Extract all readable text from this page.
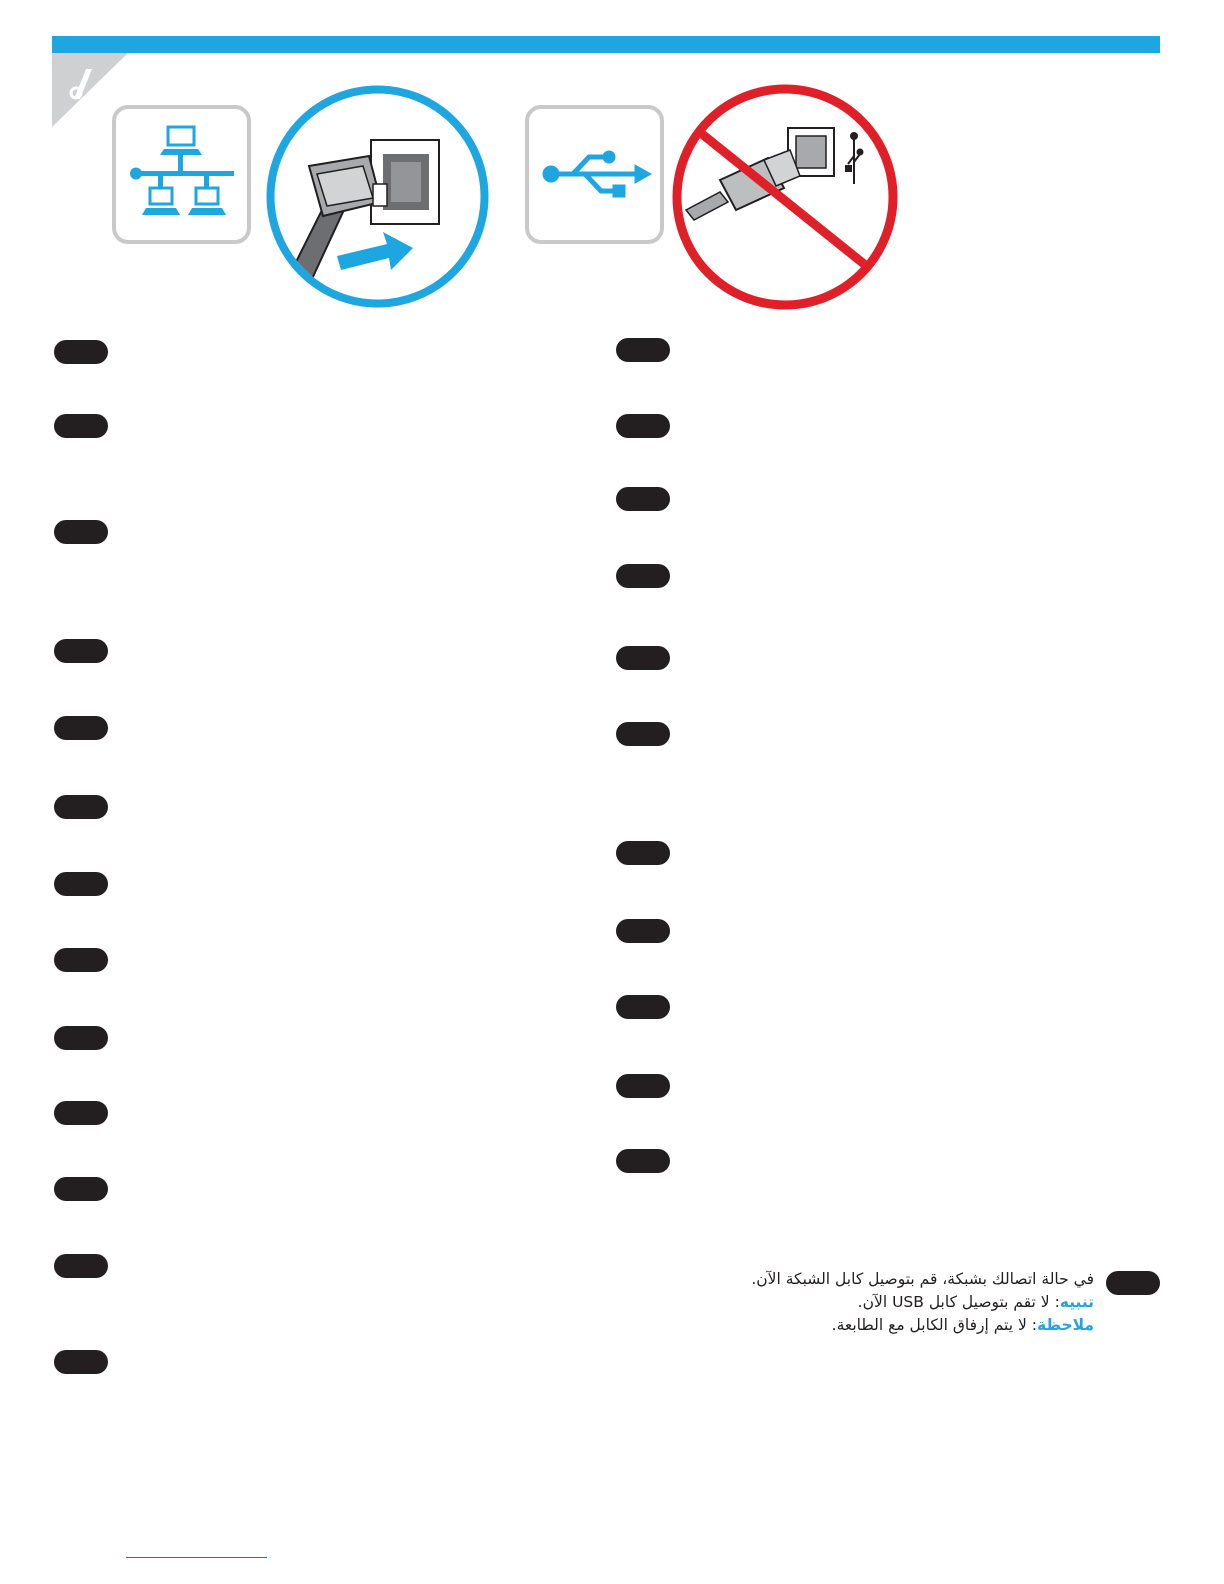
في حالة اتصالك بشبكة، قم بتوصيل كابل الشبكة الآن.
تنبيه: لا تقم بتوصيل كابل USB الآن.
ملاحظة: لا يتم إرفاق الكابل مع الطابعة.
